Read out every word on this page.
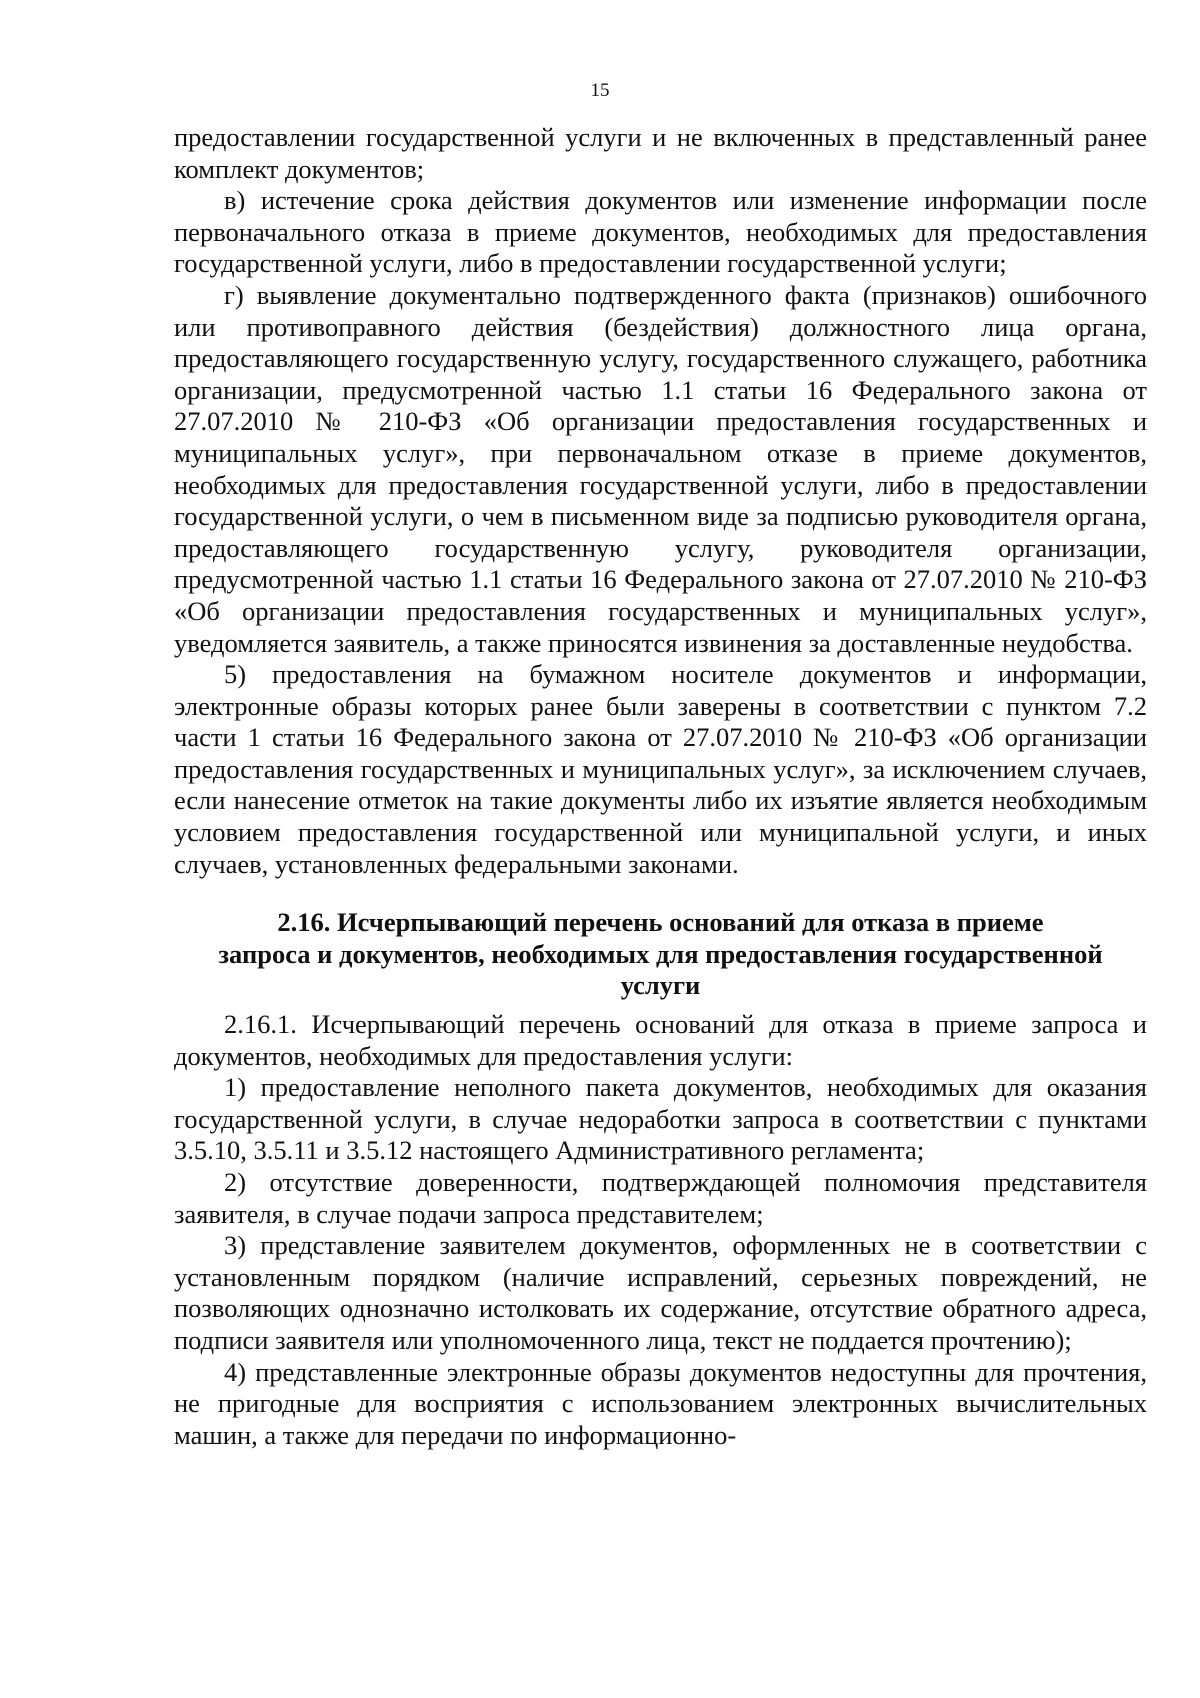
15

предоставлении государственной услуги и не включенных в представленный ранее комплект документов;

в) истечение срока действия документов или изменение информации после первоначального отказа в приеме документов, необходимых для предоставления государственной услуги, либо в предоставлении государственной услуги;

г) выявление документально подтвержденного факта (признаков) ошибочного или противоправного действия (бездействия) должностного лица органа, предоставляющего государственную услугу, государственного служащего, работника организации, предусмотренной частью 1.1 статьи 16 Федерального закона от 27.07.2010 № 210-ФЗ «Об организации предоставления государственных и муниципальных услуг», при первоначальном отказе в приеме документов, необходимых для предоставления государственной услуги, либо в предоставлении государственной услуги, о чем в письменном виде за подписью руководителя органа, предоставляющего государственную услугу, руководителя организации, предусмотренной частью 1.1 статьи 16 Федерального закона от 27.07.2010 № 210-ФЗ «Об организации предоставления государственных и муниципальных услуг», уведомляется заявитель, а также приносятся извинения за доставленные неудобства.

5) предоставления на бумажном носителе документов и информации, электронные образы которых ранее были заверены в соответствии с пунктом 7.2 части 1 статьи 16 Федерального закона от 27.07.2010 № 210-ФЗ «Об организации предоставления государственных и муниципальных услуг», за исключением случаев, если нанесение отметок на такие документы либо их изъятие является необходимым условием предоставления государственной или муниципальной услуги, и иных случаев, установленных федеральными законами.

2.16. Исчерпывающий перечень оснований для отказа в приеме
запроса и документов, необходимых для предоставления государственной
услуги

2.16.1. Исчерпывающий перечень оснований для отказа в приеме запроса и документов, необходимых для предоставления услуги:

1) предоставление неполного пакета документов, необходимых для оказания государственной услуги, в случае недоработки запроса в соответствии с пунктами 3.5.10, 3.5.11 и 3.5.12 настоящего Административного регламента;

2) отсутствие доверенности, подтверждающей полномочия представителя заявителя, в случае подачи запроса представителем;

3) представление заявителем документов, оформленных не в соответствии с установленным порядком (наличие исправлений, серьезных повреждений, не позволяющих однозначно истолковать их содержание, отсутствие обратного адреса, подписи заявителя или уполномоченного лица, текст не поддается прочтению);

4) представленные электронные образы документов недоступны для прочтения, не пригодные для восприятия с использованием электронных вычислительных машин, а также для передачи по информационно-
